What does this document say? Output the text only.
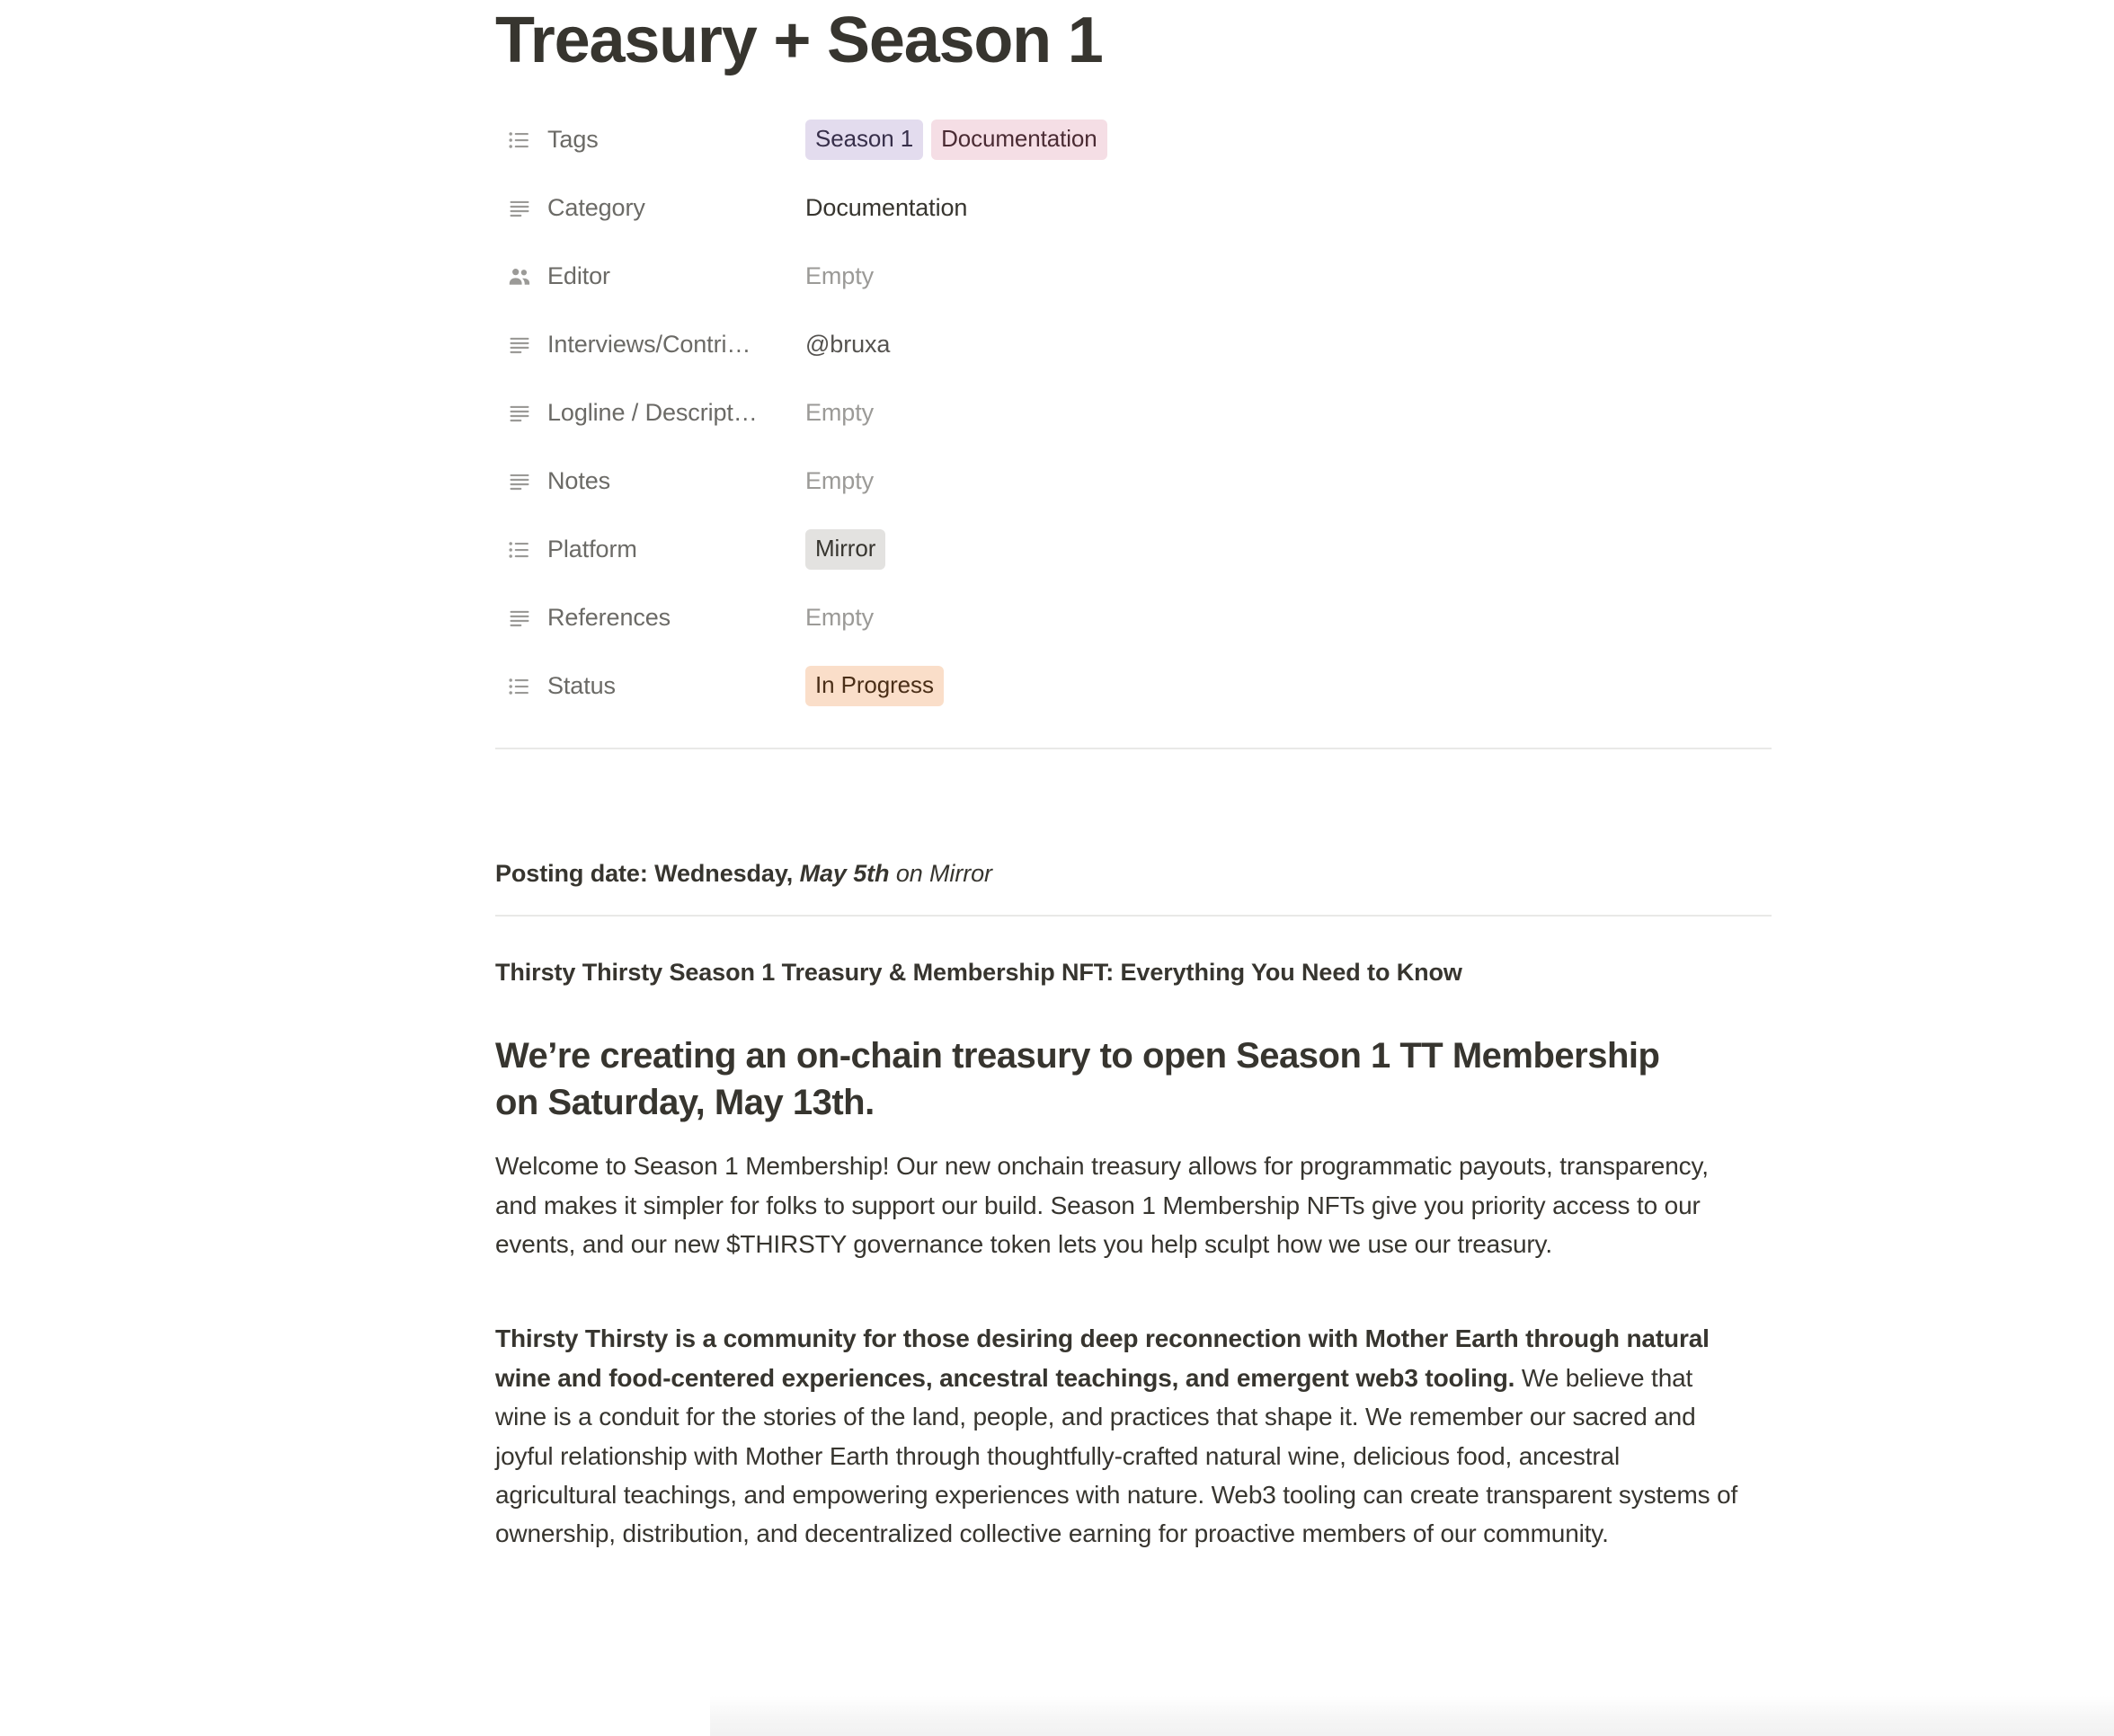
Treasury + Season 1
Tags	Season 1	Documentation
Category	Documentation
Editor	Empty
Interviews/Contri… @bruxa
Logline / Descript… Empty
Notes	Empty
Platform	Mirror
References	Empty
Status	In Progress

Posting date: Wednesday, May 5th on Mirror

Thirsty Thirsty Season 1 Treasury & Membership NFT: Everything You Need to Know

We’re creating an on-chain treasury to open Season 1 TT Membership on Saturday, May 13th.

Welcome to Season 1 Membership! Our new onchain treasury allows for programmatic payouts, transparency, and makes it simpler for folks to support our build. Season 1 Membership NFTs give you priority access to our events, and our new $THIRSTY governance token lets you help sculpt how we use our treasury.

Thirsty Thirsty is a community for those desiring deep reconnection with Mother Earth through natural wine and food-centered experiences, ancestral teachings, and emergent web3 tooling. We believe that wine is a conduit for the stories of the land, people, and practices that shape it. We remember our sacred and joyful relationship with Mother Earth through thoughtfully-crafted natural wine, delicious food, ancestral agricultural teachings, and empowering experiences with nature. Web3 tooling can create transparent systems of ownership, distribution, and decentralized collective earning for proactive members of our community.
